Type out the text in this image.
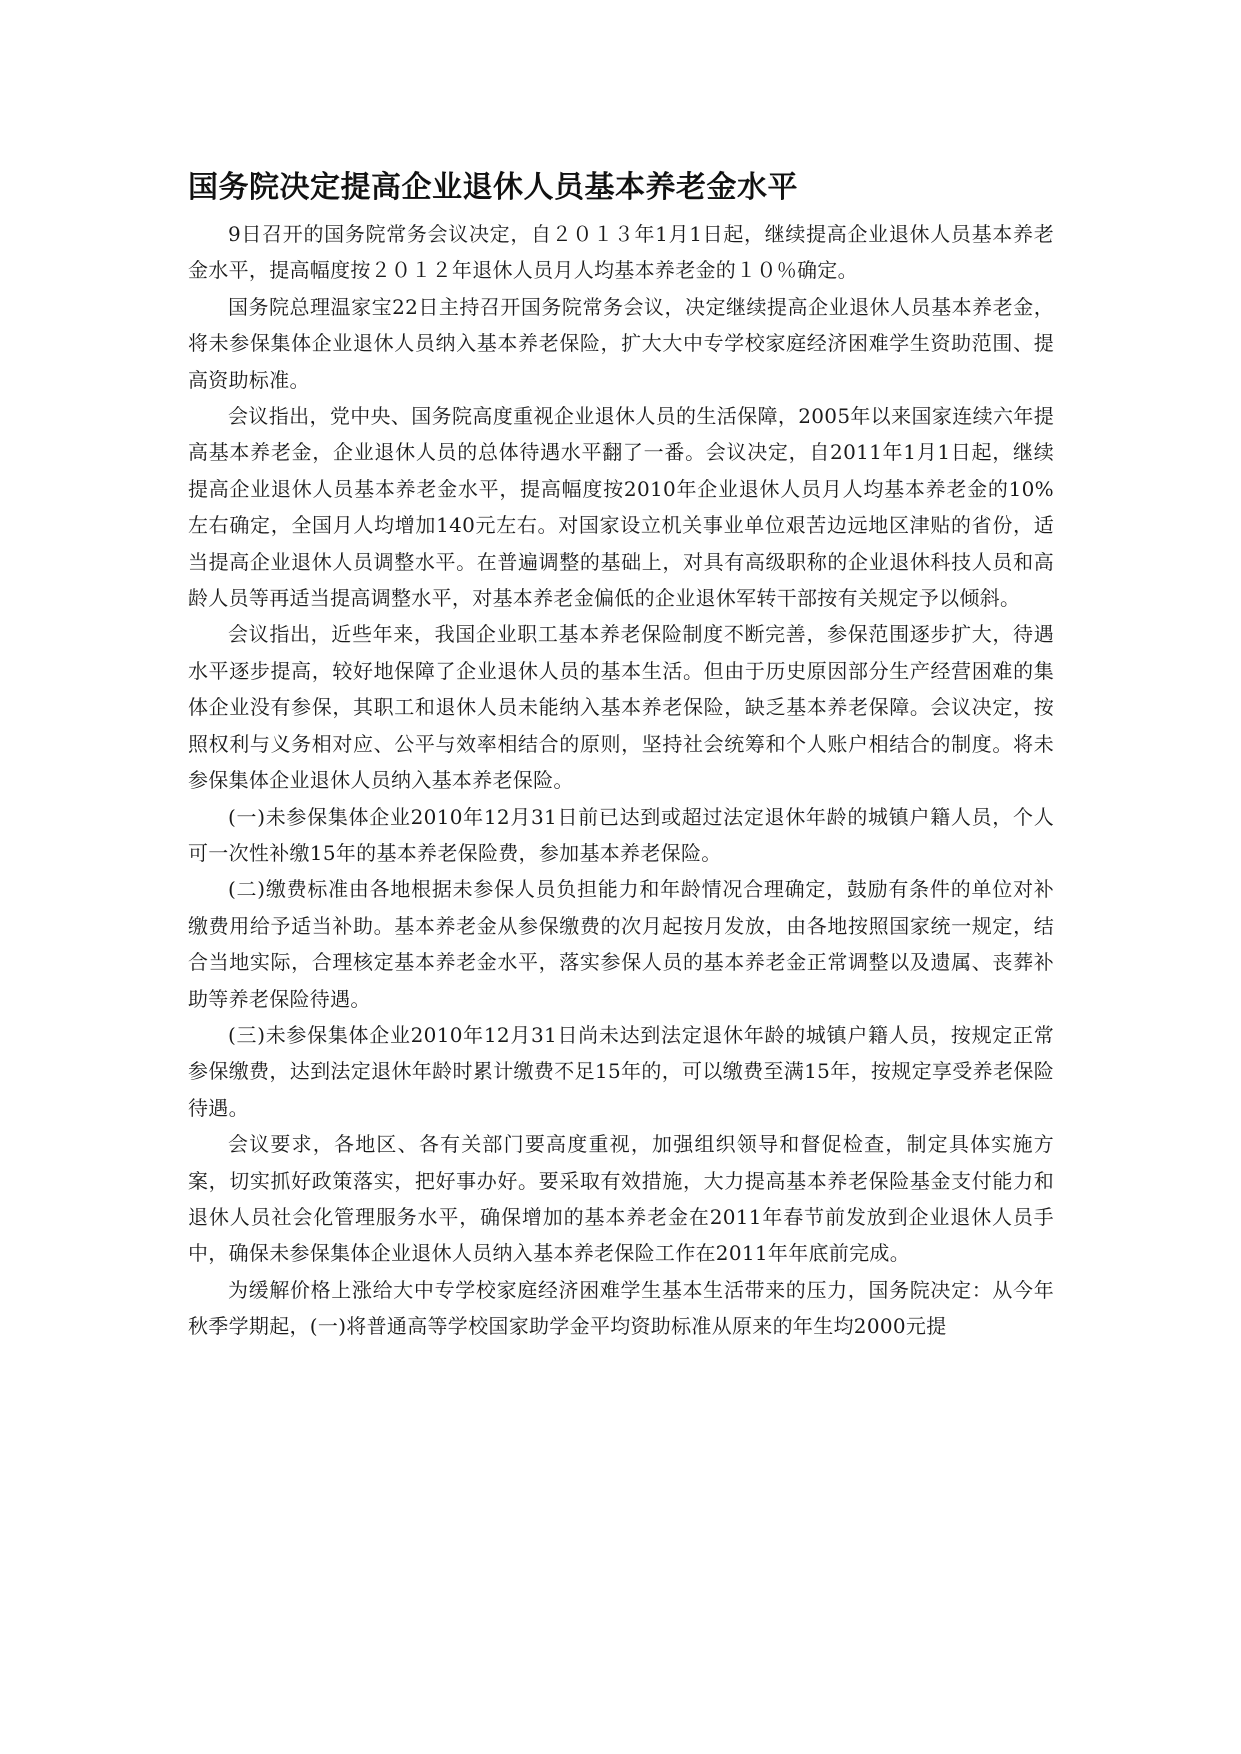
国务院决定提高企业退休人员基本养老金水平

9日召开的国务院常务会议决定，自２０１３年1月1日起，继续提高企业退休人员基本养老金水平，提高幅度按２０１２年退休人员月人均基本养老金的１０％确定。

国务院总理温家宝22日主持召开国务院常务会议，决定继续提高企业退休人员基本养老金，将未参保集体企业退休人员纳入基本养老保险，扩大大中专学校家庭经济困难学生资助范围、提高资助标准。

会议指出，党中央、国务院高度重视企业退休人员的生活保障，2005年以来国家连续六年提高基本养老金，企业退休人员的总体待遇水平翻了一番。会议决定，自2011年1月1日起，继续提高企业退休人员基本养老金水平，提高幅度按2010年企业退休人员月人均基本养老金的10%左右确定，全国月人均增加140元左右。对国家设立机关事业单位艰苦边远地区津贴的省份，适当提高企业退休人员调整水平。在普遍调整的基础上，对具有高级职称的企业退休科技人员和高龄人员等再适当提高调整水平，对基本养老金偏低的企业退休军转干部按有关规定予以倾斜。

会议指出，近些年来，我国企业职工基本养老保险制度不断完善，参保范围逐步扩大，待遇水平逐步提高，较好地保障了企业退休人员的基本生活。但由于历史原因部分生产经营困难的集体企业没有参保，其职工和退休人员未能纳入基本养老保险，缺乏基本养老保障。会议决定，按照权利与义务相对应、公平与效率相结合的原则，坚持社会统筹和个人账户相结合的制度。将未参保集体企业退休人员纳入基本养老保险。

(一)未参保集体企业2010年12月31日前已达到或超过法定退休年龄的城镇户籍人员，个人可一次性补缴15年的基本养老保险费，参加基本养老保险。

(二)缴费标准由各地根据未参保人员负担能力和年龄情况合理确定，鼓励有条件的单位对补缴费用给予适当补助。基本养老金从参保缴费的次月起按月发放，由各地按照国家统一规定，结合当地实际，合理核定基本养老金水平，落实参保人员的基本养老金正常调整以及遗属、丧葬补助等养老保险待遇。

(三)未参保集体企业2010年12月31日尚未达到法定退休年龄的城镇户籍人员，按规定正常参保缴费，达到法定退休年龄时累计缴费不足15年的，可以缴费至满15年，按规定享受养老保险待遇。

会议要求，各地区、各有关部门要高度重视，加强组织领导和督促检查，制定具体实施方案，切实抓好政策落实，把好事办好。要采取有效措施，大力提高基本养老保险基金支付能力和退休人员社会化管理服务水平，确保增加的基本养老金在2011年春节前发放到企业退休人员手中，确保未参保集体企业退休人员纳入基本养老保险工作在2011年年底前完成。

为缓解价格上涨给大中专学校家庭经济困难学生基本生活带来的压力，国务院决定：从今年秋季学期起，(一)将普通高等学校国家助学金平均资助标准从原来的年生均2000元提
